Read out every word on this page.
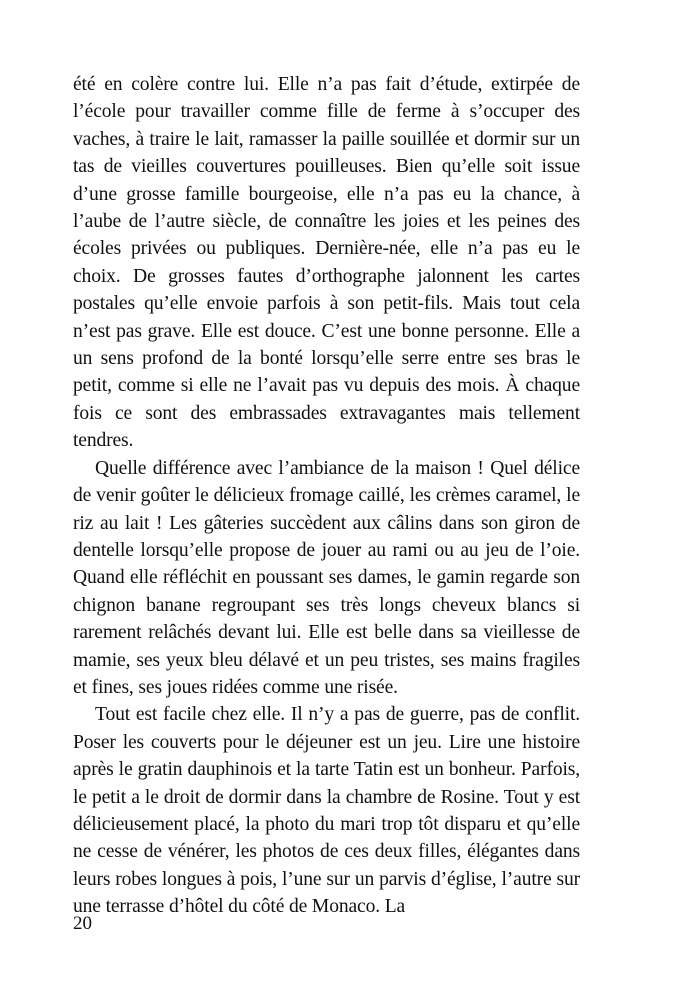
été en colère contre lui. Elle n’a pas fait d’étude, extirpée de l’école pour travailler comme fille de ferme à s’occuper des vaches, à traire le lait, ramasser la paille souillée et dormir sur un tas de vieilles couvertures pouilleuses. Bien qu’elle soit issue d’une grosse famille bourgeoise, elle n’a pas eu la chance, à l’aube de l’autre siècle, de connaître les joies et les peines des écoles privées ou publiques. Dernière-née, elle n’a pas eu le choix. De grosses fautes d’orthographe jalonnent les cartes postales qu’elle envoie parfois à son petit-fils. Mais tout cela n’est pas grave. Elle est douce. C’est une bonne personne. Elle a un sens profond de la bonté lorsqu’elle serre entre ses bras le petit, comme si elle ne l’avait pas vu depuis des mois. À chaque fois ce sont des embrassades extravagantes mais tellement tendres.

Quelle différence avec l’ambiance de la maison ! Quel délice de venir goûter le délicieux fromage caillé, les crèmes caramel, le riz au lait ! Les gâteries succèdent aux câlins dans son giron de dentelle lorsqu’elle propose de jouer au rami ou au jeu de l’oie. Quand elle réfléchit en poussant ses dames, le gamin regarde son chignon banane regroupant ses très longs cheveux blancs si rarement relâchés devant lui. Elle est belle dans sa vieillesse de mamie, ses yeux bleu délavé et un peu tristes, ses mains fragiles et fines, ses joues ridées comme une risée.

Tout est facile chez elle. Il n’y a pas de guerre, pas de conflit. Poser les couverts pour le déjeuner est un jeu. Lire une histoire après le gratin dauphinois et la tarte Tatin est un bonheur. Parfois, le petit a le droit de dormir dans la chambre de Rosine. Tout y est délicieusement placé, la photo du mari trop tôt disparu et qu’elle ne cesse de vénérer, les photos de ces deux filles, élégantes dans leurs robes longues à pois, l’une sur un parvis d’église, l’autre sur une terrasse d’hôtel du côté de Monaco. La

20
